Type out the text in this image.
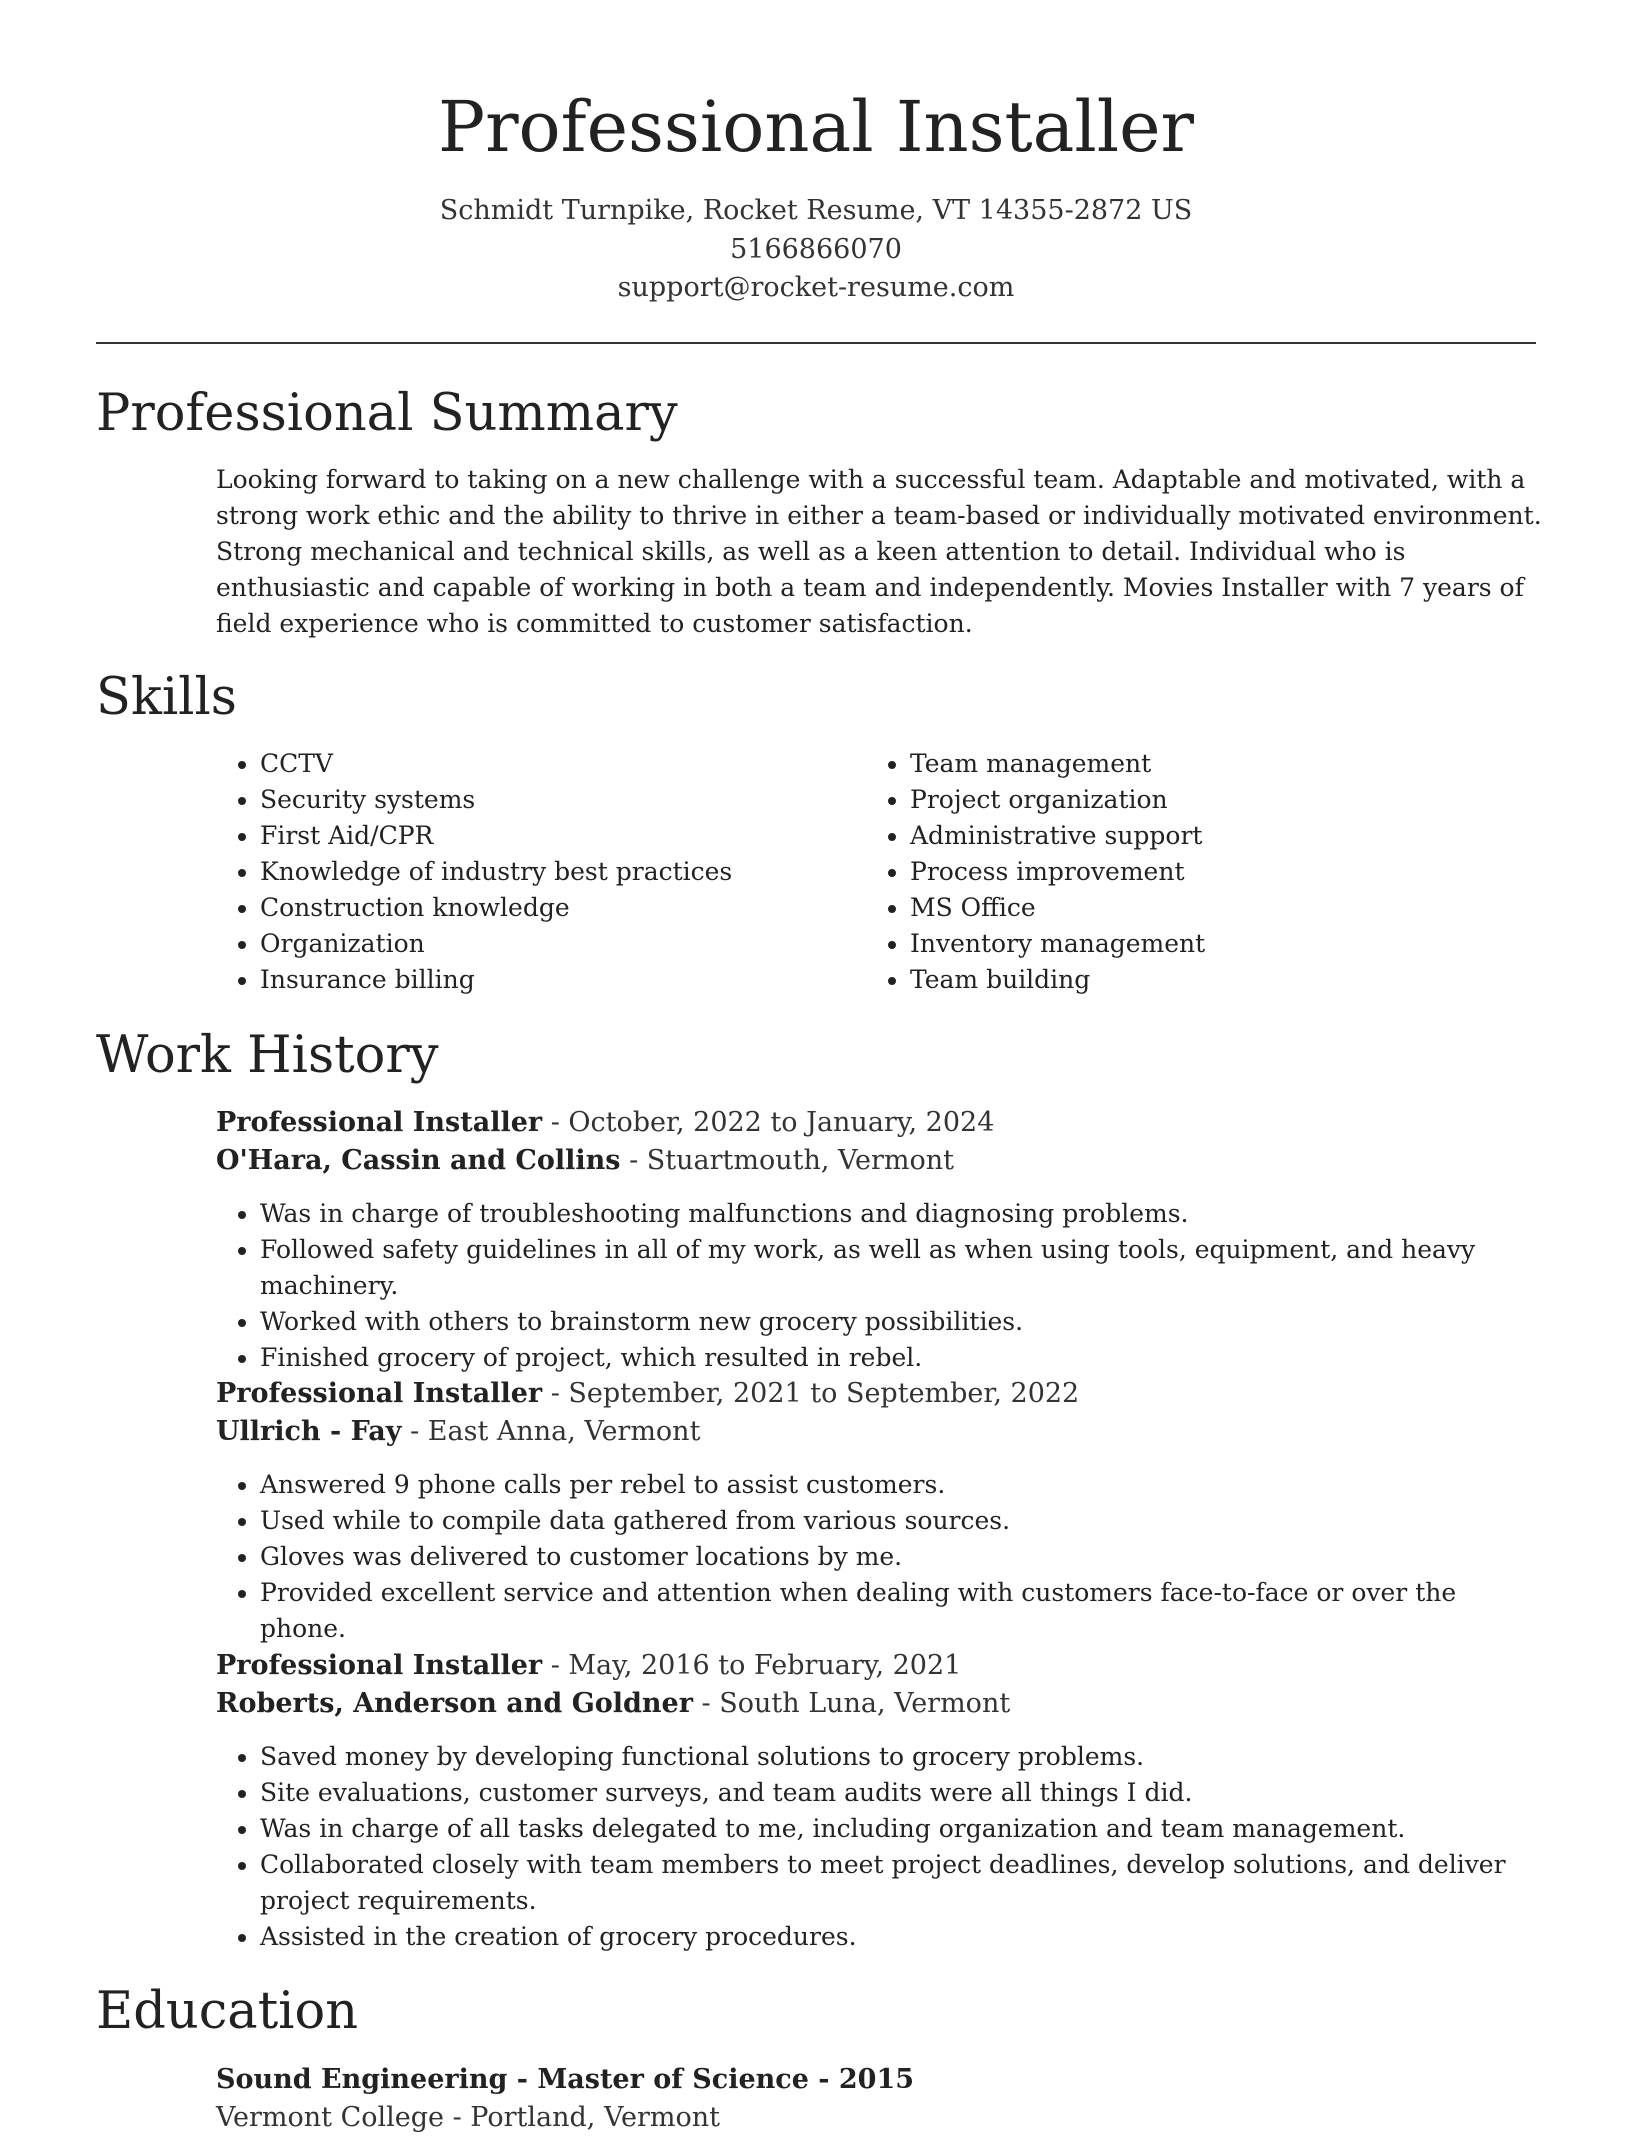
Professional Installer
Schmidt Turnpike, Rocket Resume, VT 14355-2872 US
5166866070
support@rocket-resume.com
Professional Summary

Looking forward to taking on a new challenge with a successful team. Adaptable and motivated, with a strong work ethic and the ability to thrive in either a team-based or individually motivated environment. Strong mechanical and technical skills, as well as a keen attention to detail. Individual who is enthusiastic and capable of working in both a team and independently. Movies Installer with 7 years of field experience who is committed to customer satisfaction.

Skills
• CCTV
• Security systems
• First Aid/CPR
• Knowledge of industry best practices
• Construction knowledge
• Organization
• Insurance billing
• Team management
• Project organization
• Administrative support
• Process improvement
• MS Office
• Inventory management
• Team building
Work History
Professional Installer - October, 2022 to January, 2024
O'Hara, Cassin and Collins - Stuartmouth, Vermont
• Was in charge of troubleshooting malfunctions and diagnosing problems.
• Followed safety guidelines in all of my work, as well as when using tools, equipment, and heavy machinery.
• Worked with others to brainstorm new grocery possibilities.
• Finished grocery of project, which resulted in rebel.
Professional Installer - September, 2021 to September, 2022
Ullrich - Fay - East Anna, Vermont
• Answered 9 phone calls per rebel to assist customers.
• Used while to compile data gathered from various sources.
• Gloves was delivered to customer locations by me.
• Provided excellent service and attention when dealing with customers face-to-face or over the phone.
Professional Installer - May, 2016 to February, 2021
Roberts, Anderson and Goldner - South Luna, Vermont
• Saved money by developing functional solutions to grocery problems.
• Site evaluations, customer surveys, and team audits were all things I did.
• Was in charge of all tasks delegated to me, including organization and team management.
• Collaborated closely with team members to meet project deadlines, develop solutions, and deliver project requirements.
• Assisted in the creation of grocery procedures.
Education
Sound Engineering - Master of Science - 2015
Vermont College - Portland, Vermont
